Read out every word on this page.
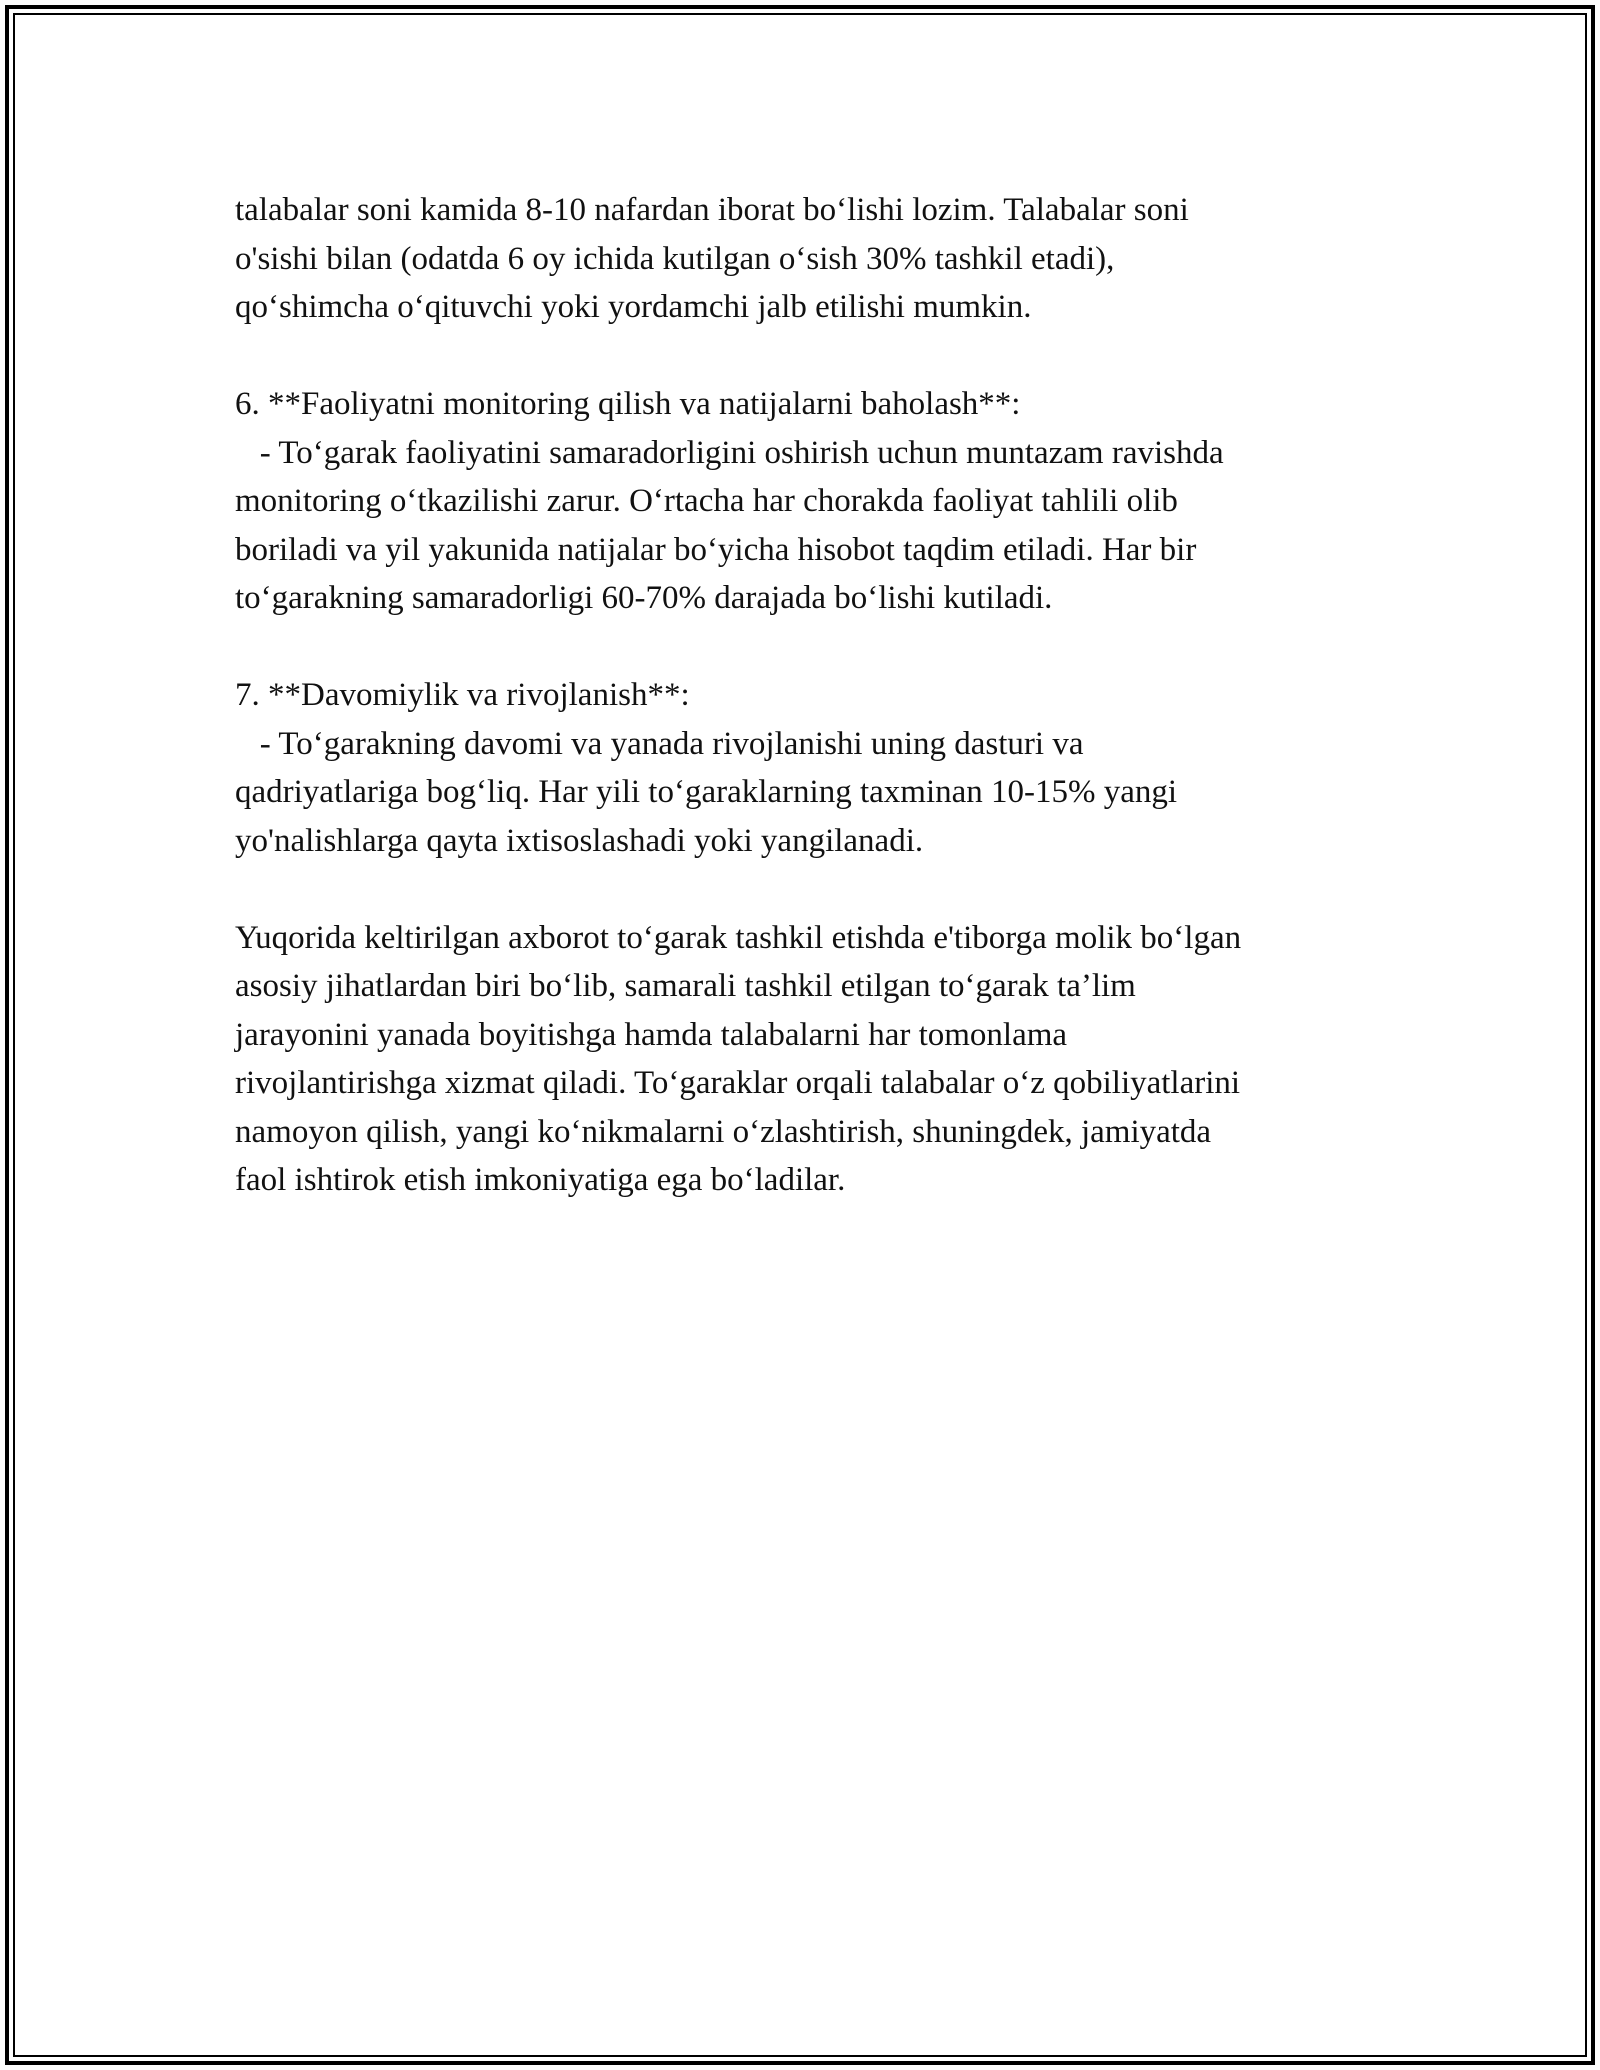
talabalar soni kamida 8-10 nafardan iborat bo‘lishi lozim. Talabalar soni
o'sishi bilan (odatda 6 oy ichida kutilgan o‘sish 30% tashkil etadi),
qo‘shimcha o‘qituvchi yoki yordamchi jalb etilishi mumkin.
6. **Faoliyatni monitoring qilish va natijalarni baholash**:
- To‘garak faoliyatini samaradorligini oshirish uchun muntazam ravishda
monitoring o‘tkazilishi zarur. O‘rtacha har chorakda faoliyat tahlili olib
boriladi va yil yakunida natijalar bo‘yicha hisobot taqdim etiladi. Har bir
to‘garakning samaradorligi 60-70% darajada bo‘lishi kutiladi.
7. **Davomiylik va rivojlanish**:
- To‘garakning davomi va yanada rivojlanishi uning dasturi va
qadriyatlariga bog‘liq. Har yili to‘garaklarning taxminan 10-15% yangi
yo'nalishlarga qayta ixtisoslashadi yoki yangilanadi.
Yuqorida keltirilgan axborot to‘garak tashkil etishda e'tiborga molik bo‘lgan
asosiy jihatlardan biri bo‘lib, samarali tashkil etilgan to‘garak ta’lim
jarayonini yanada boyitishga hamda talabalarni har tomonlama
rivojlantirishga xizmat qiladi. To‘garaklar orqali talabalar o‘z qobiliyatlarini
namoyon qilish, yangi ko‘nikmalarni o‘zlashtirish, shuningdek, jamiyatda
faol ishtirok etish imkoniyatiga ega bo‘ladilar.
